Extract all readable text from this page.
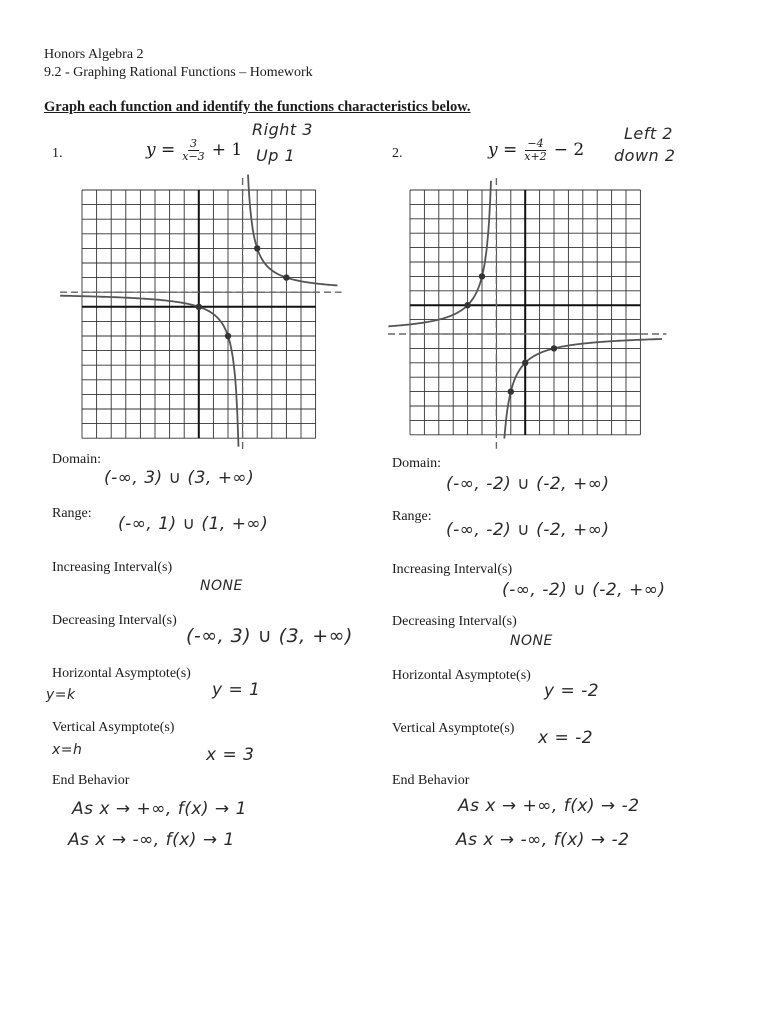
Honors Algebra 2
9.2 - Graphing Rational Functions – Homework
Graph each function and identify the functions characteristics below.
1.	$y = \frac{3}{x-3} + 1$
Right 3
Up 1
Domain:
(-∞, 3) ∪ (3, +∞)
Range:
(-∞, 1) ∪ (1, +∞)
Increasing Interval(s)
NONE
Decreasing Interval(s)
(-∞, 3) ∪ (3, +∞)
Horizontal Asymptote(s)
y=k	y = 1
Vertical Asymptote(s)
x=h	x = 3
End Behavior
As x → +∞, f(x) → 1
As x → -∞, f(x) → 1
2.	$y = \frac{-4}{x+2} - 2$
Left 2
down 2
Domain:
(-∞, -2) ∪ (-2, +∞)
Range:
(-∞, -2) ∪ (-2, +∞)
Increasing Interval(s)
(-∞, -2) ∪ (-2, +∞)
Decreasing Interval(s)
NONE
Horizontal Asymptote(s)
y = -2
Vertical Asymptote(s) x = -2
End Behavior
As x → +∞, f(x) → -2
As x → -∞, f(x) → -2
